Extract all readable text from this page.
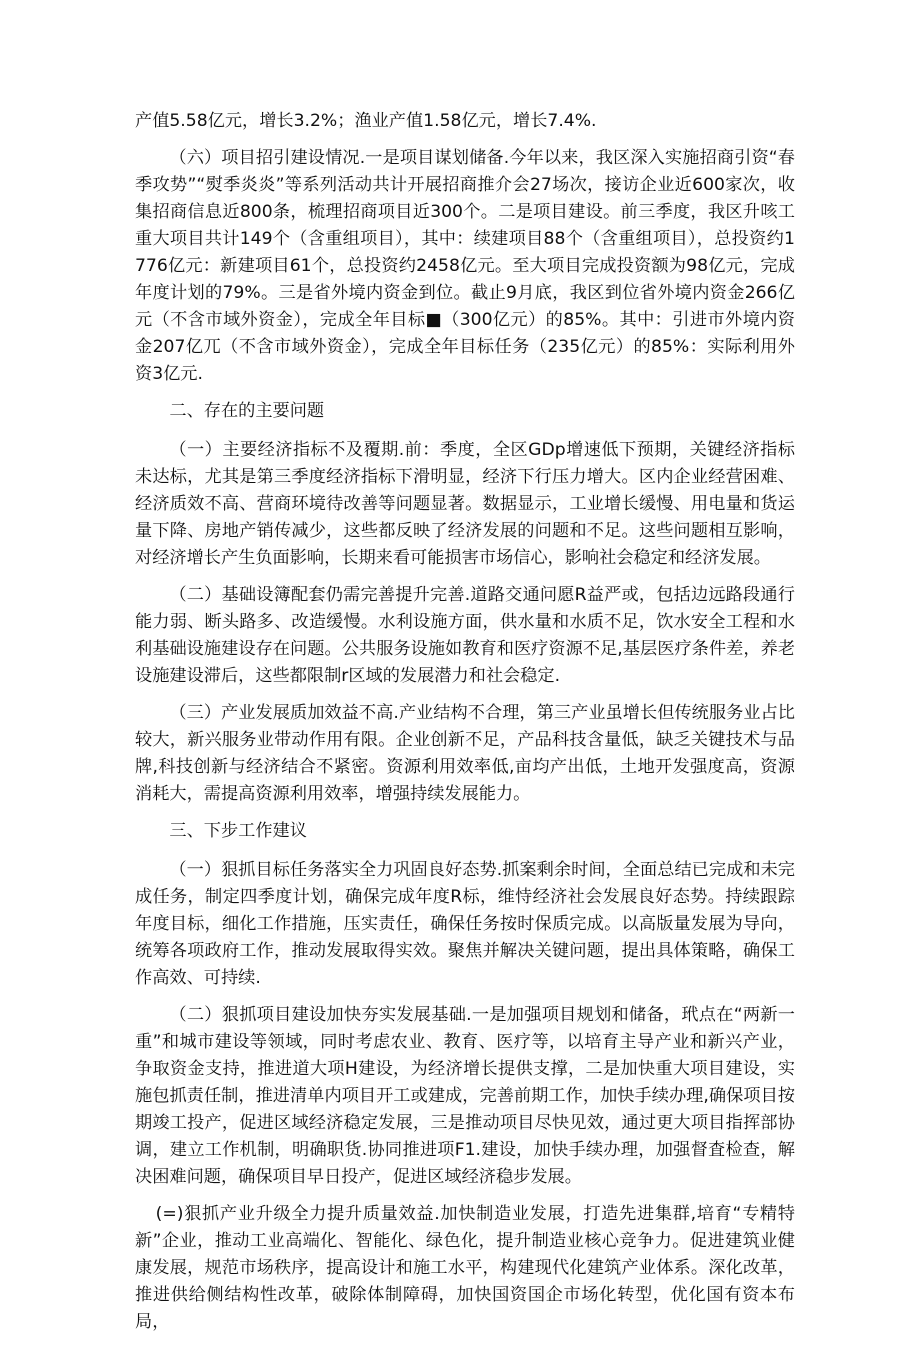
产值5.58亿元，增长3.2%；渔业产值1.58亿元，增长7.4%.

（六）项目招引建设情况.一是项目谋划储备.今年以来，我区深入实施招商引资“春季攻势”“熨季炎炎”等系列活动共计开展招商推介会27场次，接访企业近600家次，收集招商信息近800条，梳理招商项目近300个。二是项目建设。前三季度，我区升咳工重大项目共计149个（含重组项目），其中：续建项目88个（含重组项目），总投资约1776亿元：新建项目61个，总投资约2458亿元。至大项目完成投资额为98亿元，完成年度计划的79%。三是省外境内资金到位。截止9月底，我区到位省外境内资金266亿元（不含市域外资金），完成全年目标■（300亿元）的85%。其中：引进市外境内资金207亿兀（不含市域外资金），完成全年目标任务（235亿元）的85%：实际利用外资3亿元.

二、存在的主要问题

（一）主要经济指标不及覆期.前：季度，全区GDp增速低下预期，关键经济指标未达标，尤其是第三季度经济指标下滑明显，经济下行压力增大。区内企业经营困难、经济质效不高、营商环境待改善等问题显著。数据显示，工业增长缓慢、用电量和货运量下降、房地产销传减少，这些都反映了经济发展的问题和不足。这些问题相互影响，对经济增长产生负面影响，长期来看可能损害市场信心，影响社会稳定和经济发展。

（二）基础设簿配套仍需完善提升完善.道路交通问愿R益严或，包括边远路段通行能力弱、断头路多、改造缓慢。水利设施方面，供水量和水质不足，饮水安全工程和水利基础设施建设存在问题。公共服务设施如教育和医疗资源不足,基层医疗条件差，养老设施建设滞后，这些都限制r区域的发展潜力和社会稳定.

（三）产业发展质加效益不高.产业结构不合理，第三产业虽增长但传统服务业占比较大，新兴服务业带动作用有限。企业创新不足，产品科技含量低，缺乏关键技术与品牌,科技创新与经济结合不紧密。资源利用效率低,亩均产出低，土地开发强度高，资源消耗大，需提高资源利用效率，增强持续发展能力。

三、下步工作建议

（一）狠抓目标任务落实全力巩固良好态势.抓案剩余时间，全面总结已完成和未完成任务，制定四季度计划，确保完成年度R标，维恃经济社会发展良好态势。持续跟踪年度目标，细化工作措施，压实责任，确保任务按时保质完成。以高版量发展为导向，统筹各项政府工作，推动发展取得实效。聚焦并解决关键问题，提出具体策略，确保工作高效、可持续.

（二）狠抓项目建设加快夯实发展基础.一是加强项目规划和储备，玳点在“两新一重”和城市建设等领域，同时考虑农业、教育、医疗等，以培育主导产业和新兴产业，争取资金支持，推进道大项H建设，为经济增长提供支撑，二是加快重大项目建设，实施包抓责任制，推进清单内项目开工或建成，完善前期工作，加快手续办理,确保项目按期竣工投产，促进区域经济稳定发展，三是推动项目尽快见效，通过更大项目指挥部协调，建立工作机制，明确职货.协同推进项F1.建设，加快手续办理，加强督査检查，解决困难问题，确保项目早日投产，促进区域经济稳步发展。

(=)狠抓产业升级全力提升质量效益.加快制造业发展，打造先进集群,培育“专精特新”企业，推动工业高端化、智能化、绿色化，提升制造业核心竞争力。促进建筑业健康发展，规范市场秩序，提高设计和施工水平，构建现代化建筑产业体系。深化改革，推进供给侧结构性改革，破除体制障碍，加快国资国企市场化转型，优化国有资本布局，
